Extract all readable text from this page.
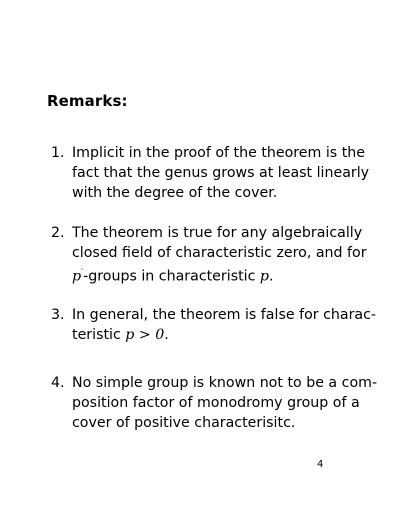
Remarks:
1. Implicit in the proof of the theorem is the
fact that the genus grows at least linearly
with the degree of the cover.
2. The theorem is true for any algebraically
closed field of characteristic zero, and for
p′-groups in characteristic p.
3. In general, the theorem is false for charac-
teristic p > 0.
4. No simple group is known not to be a com-
position factor of monodromy group of a
cover of positive characterisitc.
4
